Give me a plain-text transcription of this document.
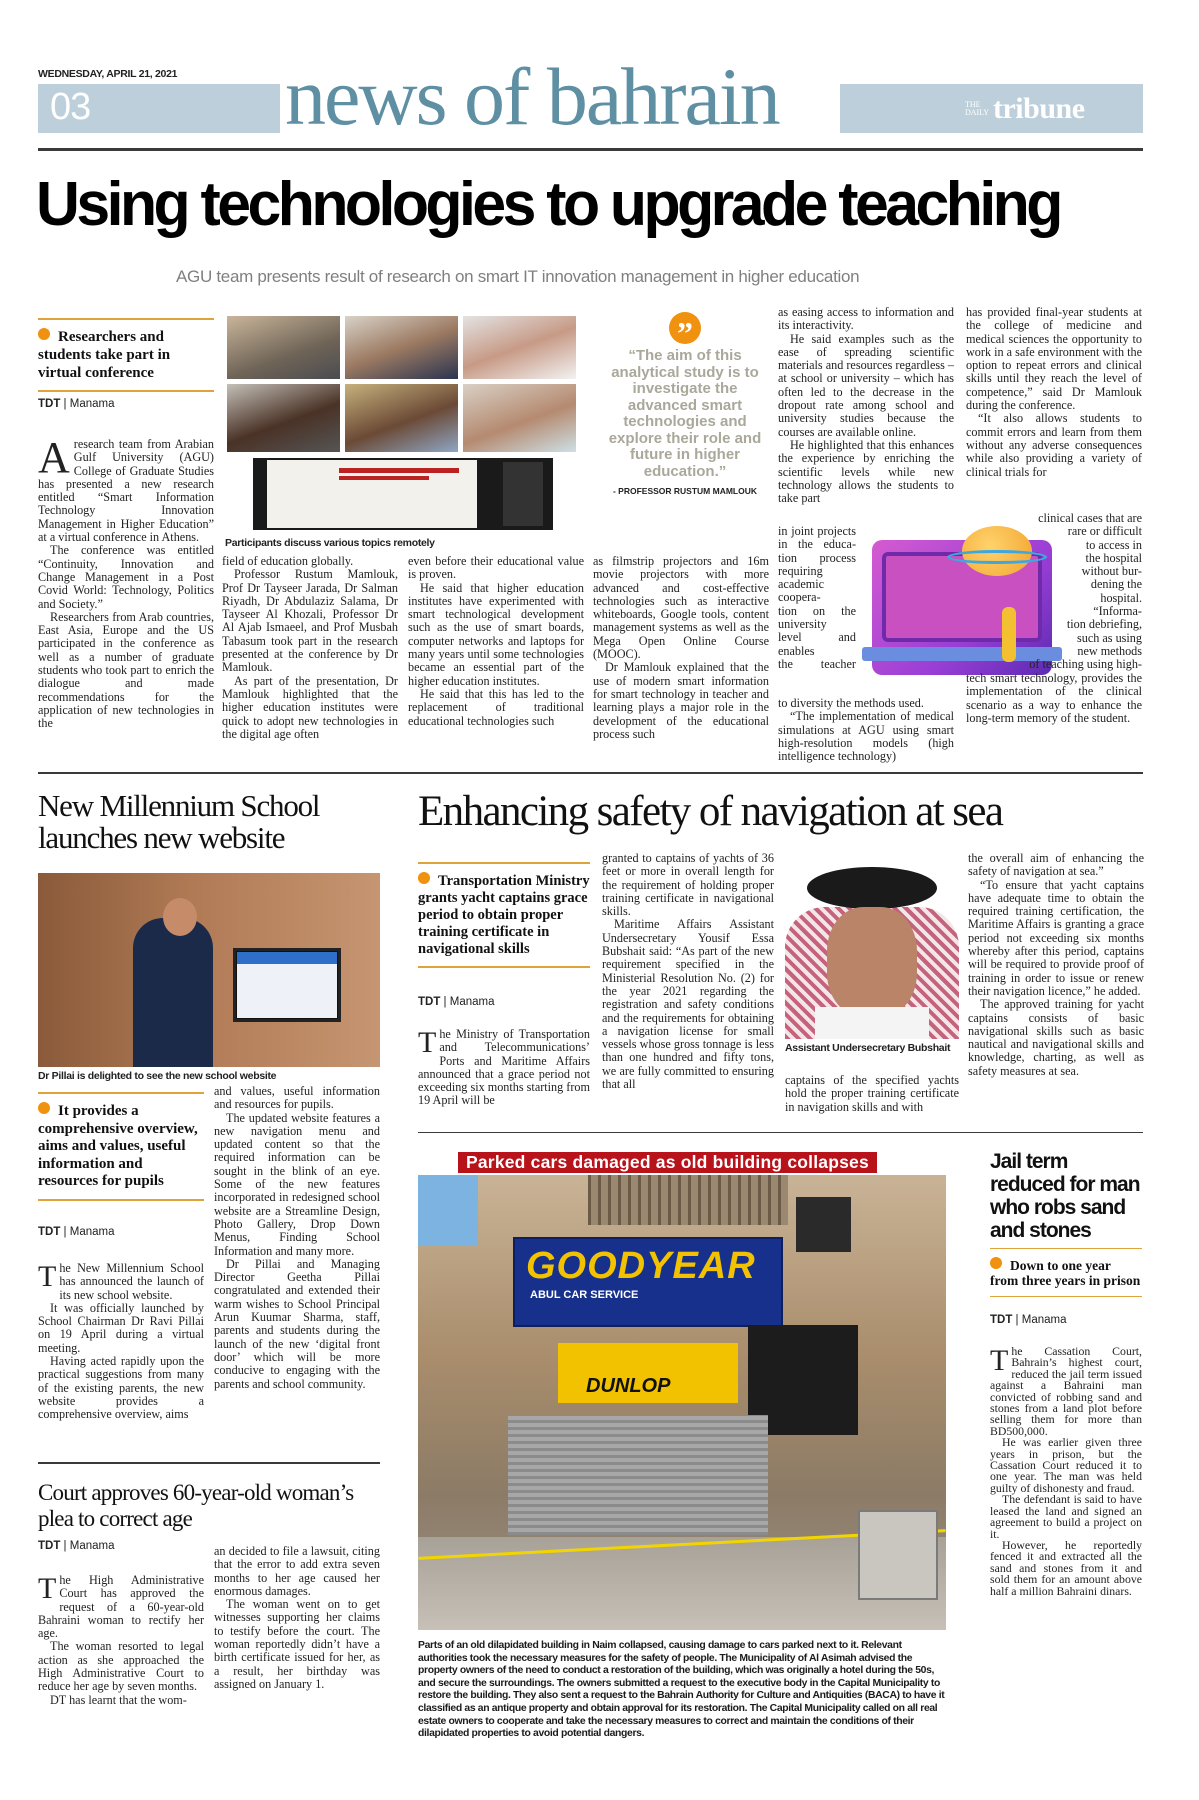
WEDNESDAY, APRIL 21, 2021
03 news of bahrain	THE DAILY tribune
Using technologies to upgrade teaching
AGU team presents result of research on smart IT innovation management in higher education
Researchers and students take part in virtual conference
TDT | Manama

Aresearch team from Arabian Gulf University (AGU) College of Graduate Studies has presented a new research entitled “Smart Information Technology Innovation Management in Higher Education” at a virtual conference in Athens.

The conference was entitled “Continuity, Innovation and Change Management in a Post Covid World: Technology, Politics and Society.”

Researchers from Arab countries, East Asia, Europe and the US participated in the conference as well as a number of graduate students who took part to enrich the dialogue and made recommendations for the application of new technologies in the

Participants discuss various topics remotely

field of education globally.

Professor Rustum Mamlouk, Prof Dr Tayseer Jarada, Dr Salman Riyadh, Dr Abdulaziz Salama, Dr Tayseer Al Khozali, Professor Dr Al Ajab Ismaeel, and Prof Musbah Tabasum took part in the research presented at the conference by Dr Mamlouk.

As part of the presentation, Dr Mamlouk highlighted that the higher education institutes were quick to adopt new technologies in the digital age often

even before their educational value is proven.

He said that higher education institutes have experimented with smart technological development such as the use of smart boards, computer networks and laptops for many years until some technologies became an essential part of the higher education institutes.

He said that this has led to the replacement of traditional educational technologies such

”
“The aim of this analytical study is to investigate the advanced smart technologies and explore their role and future in higher education.”
- PROFESSOR RUSTUM MAMLOUK

as filmstrip projectors and 16m movie projectors with more advanced and cost-effective technologies such as interactive whiteboards, Google tools, content management systems as well as the Mega Open Online Course (MOOC).

Dr Mamlouk explained that the use of modern smart information for smart technology in teacher and learning plays a major role in the development of the educational process such

as easing access to information and its interactivity.

He said examples such as the ease of spreading scientific materials and resources regardless – at school or university – which has often led to the decrease in the dropout rate among school and university studies because the courses are available online.

He highlighted that this enhances the experience by enriching the scientific levels while new technology allows the students to take part

in joint projects
in the educa-
tion process
requiring
academic
coopera-
tion on the
university
level and
enables
the teacher

to diversity the methods used.

“The implementation of medical simulations at AGU using smart high-resolution models (high intelligence technology)

has provided final-year students at the college of medicine and medical sciences the opportunity to work in a safe environment with the option to repeat errors and clinical skills until they reach the level of competence,” said Dr Mamlouk during the conference.

“It also allows students to commit errors and learn from them without any adverse consequences while also providing a variety of clinical trials for

clinical cases that are
rare or difficult
to access in
the hospital
without bur-
dening the
hospital.
“Informa-
tion debriefing,
such as using
new methods
of teaching using high-

tech smart technology, provides the implementation of the clinical scenario as a way to enhance the long-term memory of the student.

New Millennium School launches new website
Dr Pillai is delighted to see the new school website
It provides a comprehensive overview, aims and values, useful information and resources for pupils
TDT | Manama

The New Millennium School has announced the launch of its new school website.

It was officially launched by School Chairman Dr Ravi Pillai on 19 April during a virtual meeting.

Having acted rapidly upon the practical suggestions from many of the existing parents, the new website provides a comprehensive overview, aims

and values, useful information and resources for pupils.

The updated website features a new navigation menu and updated content so that the required information can be sought in the blink of an eye. Some of the new features incorporated in redesigned school website are a Streamline Design, Photo Gallery, Drop Down Menus, Finding School Information and many more.

Dr Pillai and Managing Director Geetha Pillai congratulated and extended their warm wishes to School Principal Arun Kuumar Sharma, staff, parents and students during the launch of the new ‘digital front door’ which will be more conducive to engaging with the parents and school community.

Court approves 60-year-old woman’s plea to correct age
TDT | Manama

The High Administrative Court has approved the request of a 60-year-old Bahraini woman to rectify her age.

The woman resorted to legal action as she approached the High Administrative Court to reduce her age by seven months.

DT has learnt that the wom-

an decided to file a lawsuit, citing that the error to add extra seven months to her age caused her enormous damages.

The woman went on to get witnesses supporting her claims to testify before the court. The woman reportedly didn’t have a birth certificate issued for her, as a result, her birthday was assigned on January 1.

Enhancing safety of navigation at sea
Transportation Ministry grants yacht captains grace period to obtain proper training certificate in navigational skills
TDT | Manama

The Ministry of Transportation and Telecommunications’ Ports and Maritime Affairs announced that a grace period not exceeding six months starting from 19 April will be

granted to captains of yachts of 36 feet or more in overall length for the requirement of holding proper training certificate in navigational skills.

Maritime Affairs Assistant Undersecretary Yousif Essa Bubshait said: “As part of the new requirement specified in the Ministerial Resolution No. (2) for the year 2021 regarding the registration and safety conditions and the requirements for obtaining a navigation license for small vessels whose gross tonnage is less than one hundred and fifty tons, we are fully committed to ensuring that all

Assistant Undersecretary Bubshait

captains of the specified yachts hold the proper training certificate in navigation skills and with

the overall aim of enhancing the safety of navigation at sea.”

“To ensure that yacht captains have adequate time to obtain the required training certification, the Maritime Affairs is granting a grace period not exceeding six months whereby after this period, captains will be required to provide proof of training in order to issue or renew their navigation licence,” he added.

The approved training for yacht captains consists of basic navigational skills such as basic nautical and navigational skills and knowledge, charting, as well as safety measures at sea.

Parked cars damaged as old building collapses
GOODYEAR
ABUL CAR SERVICE
DUNLOP
Parts of an old dilapidated building in Naim collapsed, causing damage to cars parked next to it. Relevant authorities took the necessary measures for the safety of people. The Municipality of Al Asimah advised the property owners of the need to conduct a restoration of the building, which was originally a hotel during the 50s, and secure the surroundings. The owners submitted a request to the executive body in the Capital Municipality to restore the building. They also sent a request to the Bahrain Authority for Culture and Antiquities (BACA) to have it classified as an antique property and obtain approval for its restoration. The Capital Municipality called on all real estate owners to cooperate and take the necessary measures to correct and maintain the conditions of their dilapidated properties to avoid potential dangers.
Jail term reduced for man who robs sand and stones
Down to one year from three years in prison
TDT | Manama

The Cassation Court, Bahrain’s highest court, reduced the jail term issued against a Bahraini man convicted of robbing sand and stones from a land plot before selling them for more than BD500,000.

He was earlier given three years in prison, but the Cassation Court reduced it to one year. The man was held guilty of dishonesty and fraud.

The defendant is said to have leased the land and signed an agreement to build a project on it.

However, he reportedly fenced it and extracted all the sand and stones from it and sold them for an amount above half a million Bahraini dinars.
